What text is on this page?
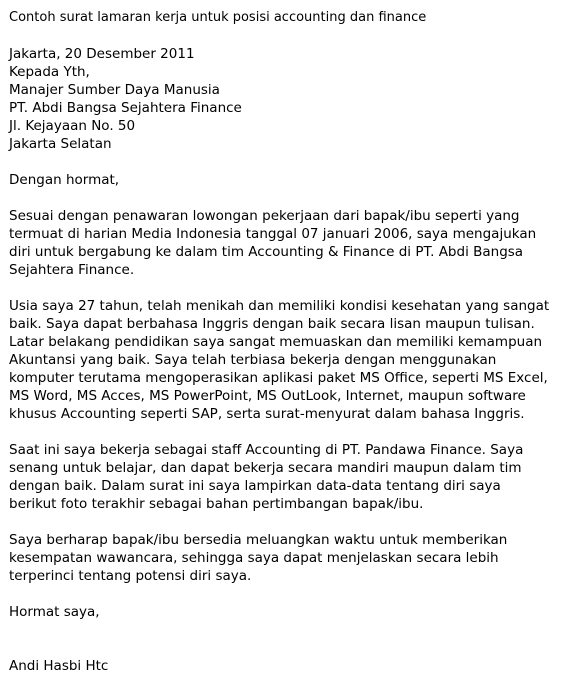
Contoh surat lamaran kerja untuk posisi accounting dan finance

Jakarta, 20 Desember 2011
Kepada Yth,
Manajer Sumber Daya Manusia
PT. Abdi Bangsa Sejahtera Finance
Jl. Kejayaan No. 50
Jakarta Selatan
Dengan hormat,
Sesuai dengan penawaran lowongan pekerjaan dari bapak/ibu seperti yang
termuat di harian Media Indonesia tanggal 07 januari 2006, saya mengajukan
diri untuk bergabung ke dalam tim Accounting & Finance di PT. Abdi Bangsa
Sejahtera Finance.
Usia saya 27 tahun, telah menikah dan memiliki kondisi kesehatan yang sangat
baik. Saya dapat berbahasa Inggris dengan baik secara lisan maupun tulisan.
Latar belakang pendidikan saya sangat memuaskan dan memiliki kemampuan
Akuntansi yang baik. Saya telah terbiasa bekerja dengan menggunakan
komputer terutama mengoperasikan aplikasi paket MS Office, seperti MS Excel,
MS Word, MS Acces, MS PowerPoint, MS OutLook, Internet, maupun software
khusus Accounting seperti SAP, serta surat-menyurat dalam bahasa Inggris.
Saat ini saya bekerja sebagai staff Accounting di PT. Pandawa Finance. Saya
senang untuk belajar, dan dapat bekerja secara mandiri maupun dalam tim
dengan baik. Dalam surat ini saya lampirkan data-data tentang diri saya
berikut foto terakhir sebagai bahan pertimbangan bapak/ibu.
Saya berharap bapak/ibu bersedia meluangkan waktu untuk memberikan
kesempatan wawancara, sehingga saya dapat menjelaskan secara lebih
terperinci tentang potensi diri saya.
Hormat saya,
Andi Hasbi Htc
